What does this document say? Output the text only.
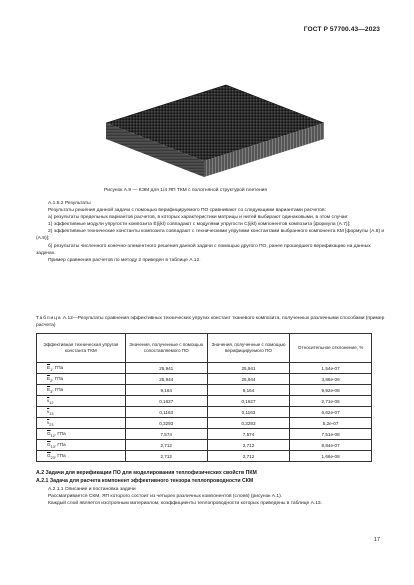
ГОСТ Р 57700.43—2023
Рисунок А.9 — КЭМ для 1/4 ЯП ТКМ с полотняной структурой плетения

А.1.5.2 Результаты

Результаты решения данной задачи с помощью верифицируемого ПО сравнивают со следующими вариантами расчетов:

а) результаты предельных вариантов расчетов, в которых характеристики матрицы и нитей выбирают одинаковыми, в этом случае:

1) эффективные модули упругости композита Ē(ijkl) совпадают с модулями упругости C(ijkl) компонентов композита [формула (А.7)];

2) эффективные технические константы композита совпадают с техническими упругими константами выбранного компонента КМ [формулы (А.8) и (А.9)];

б) результаты численного конечно-элементного решения данной задачи с помощью другого ПО, ранее прошедшего верификацию на данных задачах.

Пример сравнения расчетов по методу 2 приведен в таблице А.12.

Таблица А.12—Результаты сравнения эффективных технических упругих констант тканевого композита, полученных различными способами (пример расчета)
Эффективная техническая упругая константа ТКМ	Значения, полученные с помощью сопоставляемого ПО	Значения, полученные с помощью верифицируемого ПО	Относительное отклонение, %
$\overline{E}_1$, ГПа	25,941	25,941	1,54e-07
$\overline{E}_2$, ГПа	25,944	25,944	3,86e-09
$\overline{E}_3$, ГПа	9,164	9,164	9,92e-08
$\overline{\nu}_{12}$	0,1627	0,1627	2,71e-06
$\overline{\nu}_{13}$	0,1163	0,1163	6,62e-07
$\overline{\nu}_{23}$	0,3293	0,3293	5,2e-07
$\overline{G}_{12}$, ГПа	7,574	7,574	7,51e-08
$\overline{G}_{13}$, ГПа	2,712	2,712	8,84e-07
$\overline{G}_{23}$, ГПа	2,712	2,712	1,66e-08
А.2 Задачи для верификации ПО для моделирования теплофизических свойств ПКМ
А.2.1 Задача для расчета компонент эффективного тензора теплопроводности СКМ

А.2.1.1 Описание и постановка задачи

Рассматривается СКМ, ЯП которого состоит из четырех различных компонентов (слоев) (рисунок А.1).

Каждый слой является изотропным материалом, коэффициенты теплопроводности которых приведены в таблице А.13.

17
